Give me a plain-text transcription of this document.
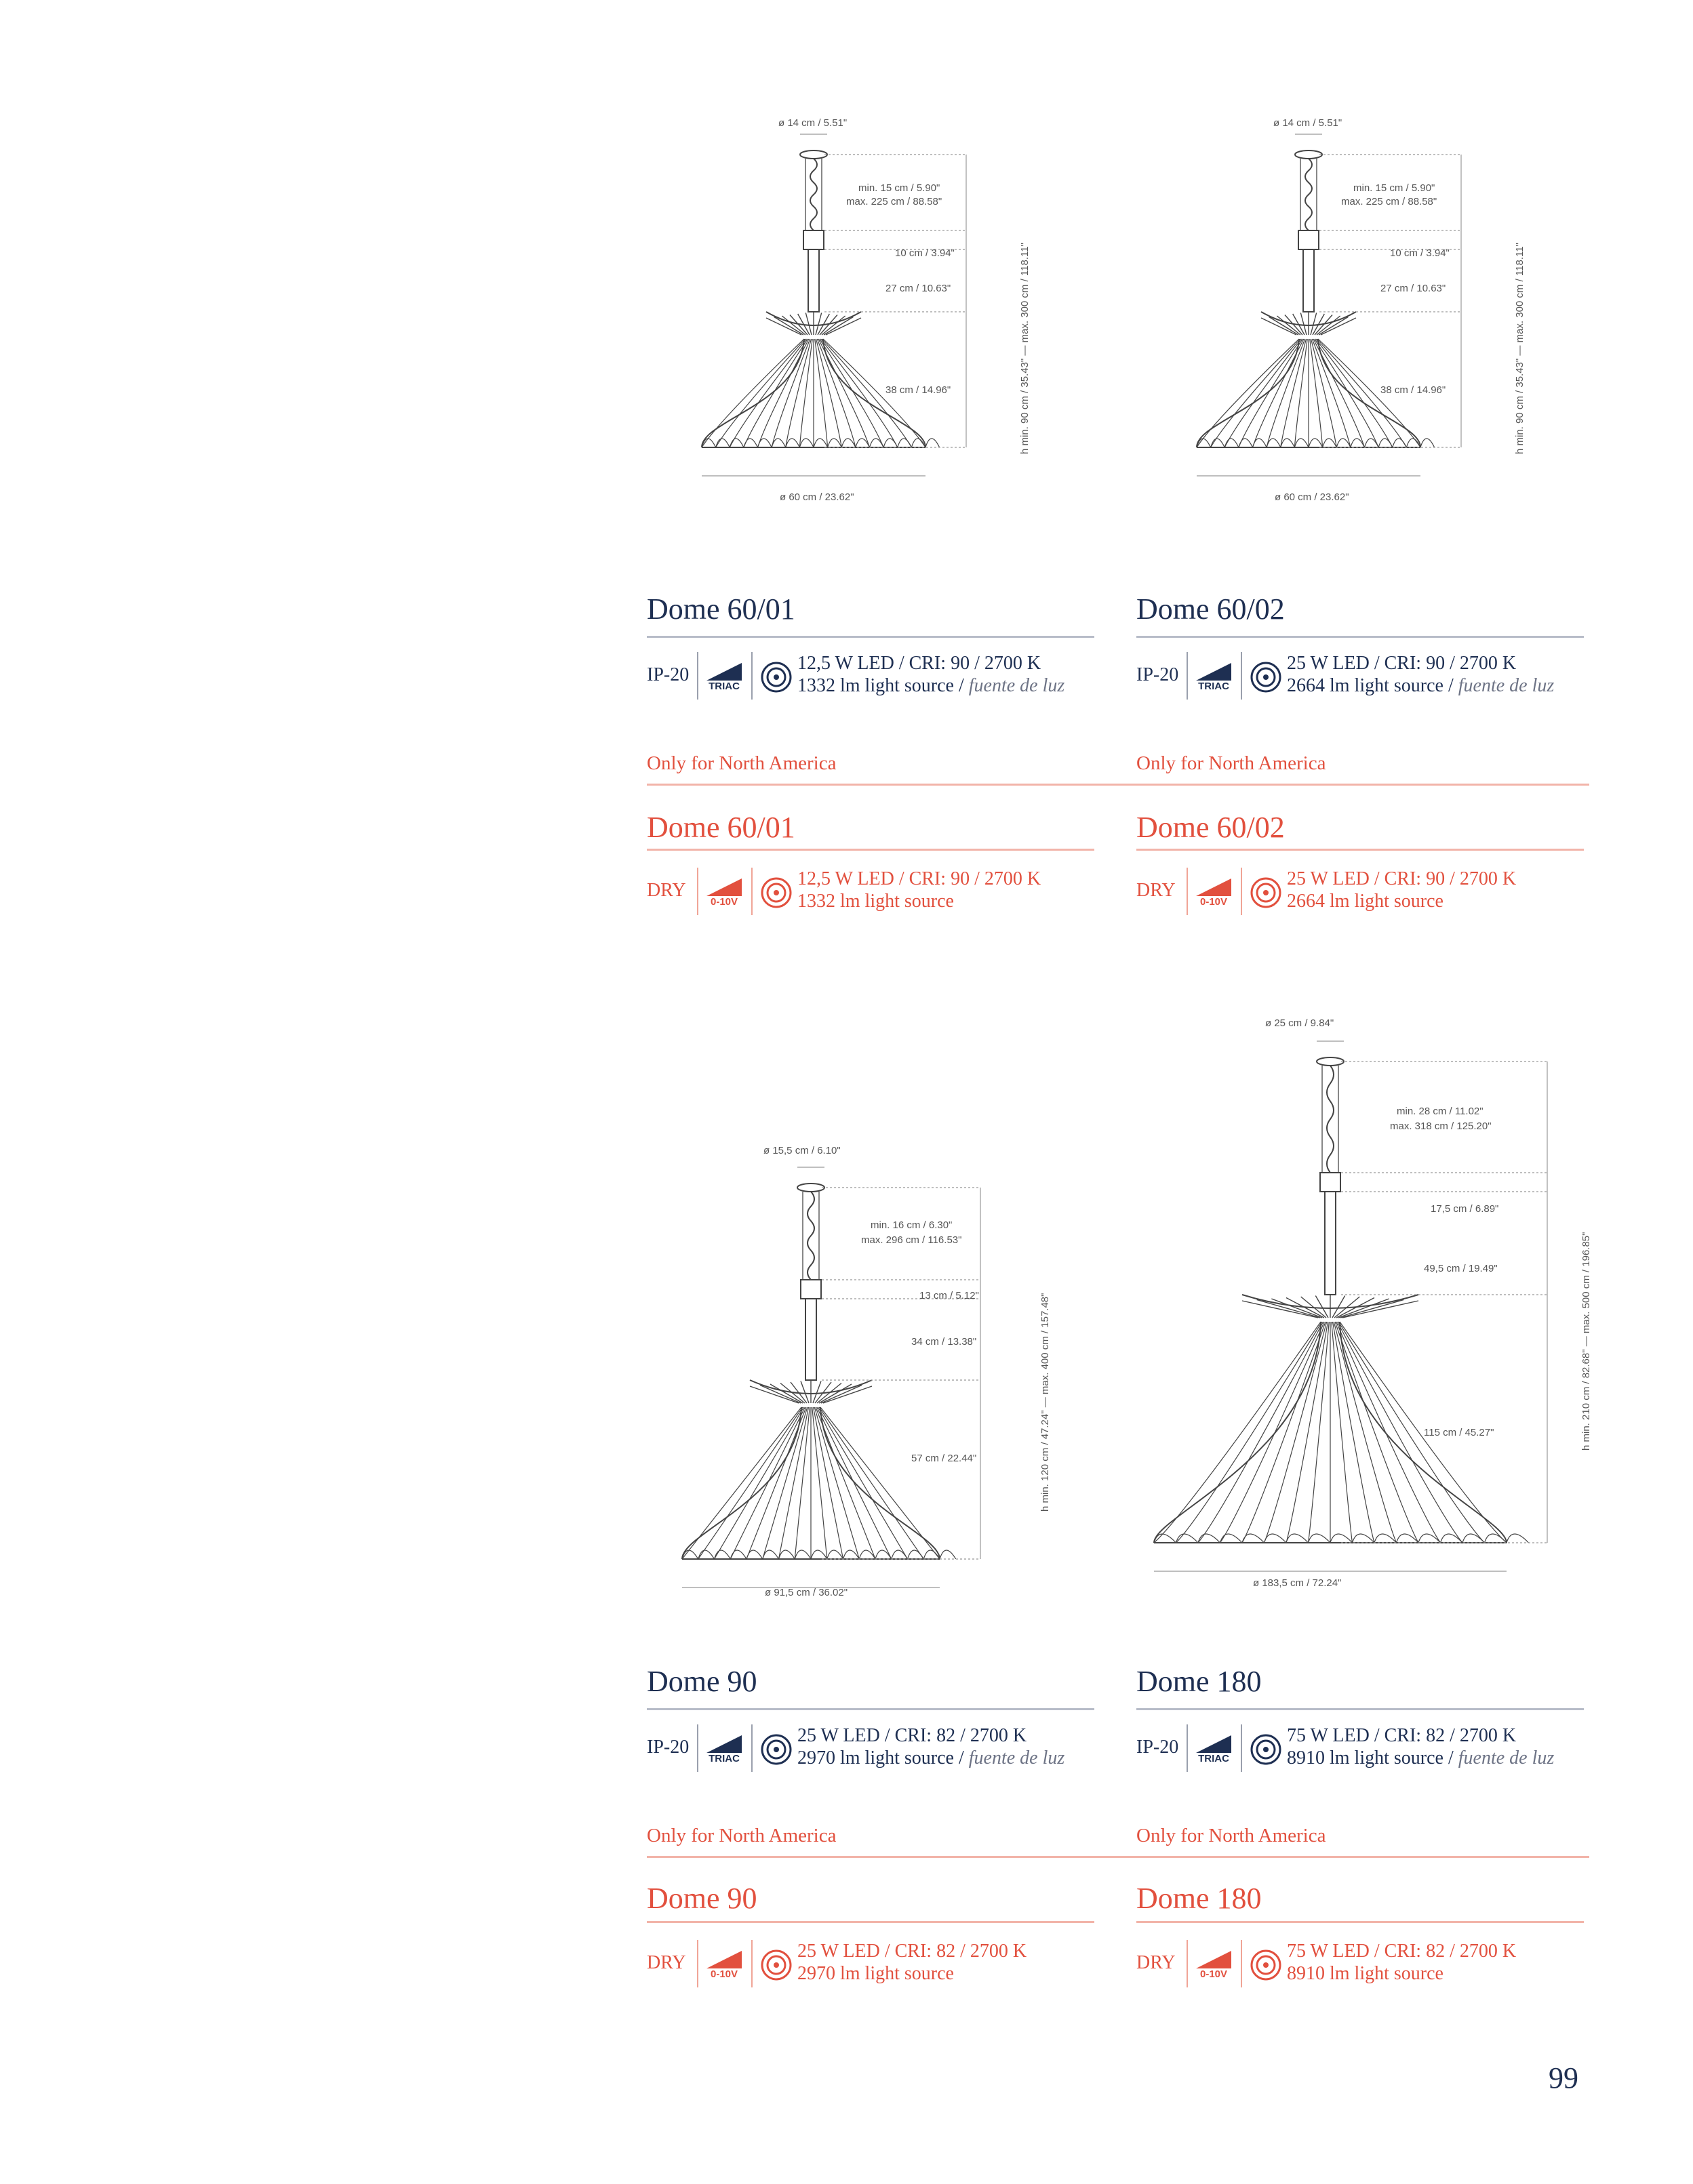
ø 14 cm / 5.51"
min. 15 cm / 5.90"
max. 225 cm / 88.58"
10 cm / 3.94"
27 cm / 10.63"
38 cm / 14.96"	h min. 90 cm / 35.43" — max. 300 cm / 118.11"
ø 60 cm / 23.62"
ø 14 cm / 5.51"
min. 15 cm / 5.90"
max. 225 cm / 88.58"
10 cm / 3.94"
27 cm / 10.63"
38 cm / 14.96"	h min. 90 cm / 35.43" — max. 300 cm / 118.11"
ø 60 cm / 23.62"
ø 15,5 cm / 6.10"
min. 16 cm / 6.30"
max. 296 cm / 116.53"
13 cm / 5.12"
34 cm / 13.38"
57 cm / 22.44"	h min. 120 cm / 47.24" — max. 400 cm / 157.48"
ø 91,5 cm / 36.02"
ø 25 cm / 9.84"
min. 28 cm / 11.02"
max. 318 cm / 125.20"
17,5 cm / 6.89"
49,5 cm / 19.49"
115 cm / 45.27"	h min. 210 cm / 82.68" — max. 500 cm / 196.85"
ø 183,5 cm / 72.24"
Dome 60/01
IP-20
TRIAC
12,5 W LED / CRI: 90 / 2700 K
1332 lm light source / fuente de luz
Dome 60/02
IP-20
TRIAC
25 W LED / CRI: 90 / 2700 K
2664 lm light source / fuente de luz
Only for North America	Only for North America
Dome 60/01
DRY
0-10V
12,5 W LED / CRI: 90 / 2700 K
1332 lm light source
Dome 60/02
DRY
0-10V
25 W LED / CRI: 90 / 2700 K
2664 lm light source
Dome 90
IP-20
TRIAC
25 W LED / CRI: 82 / 2700 K
2970 lm light source / fuente de luz
Dome 180
IP-20
TRIAC
75 W LED / CRI: 82 / 2700 K
8910 lm light source / fuente de luz
Only for North America	Only for North America
Dome 90
DRY
0-10V
25 W LED / CRI: 82 / 2700 K
2970 lm light source
Dome 180
DRY
0-10V
75 W LED / CRI: 82 / 2700 K
8910 lm light source
99
